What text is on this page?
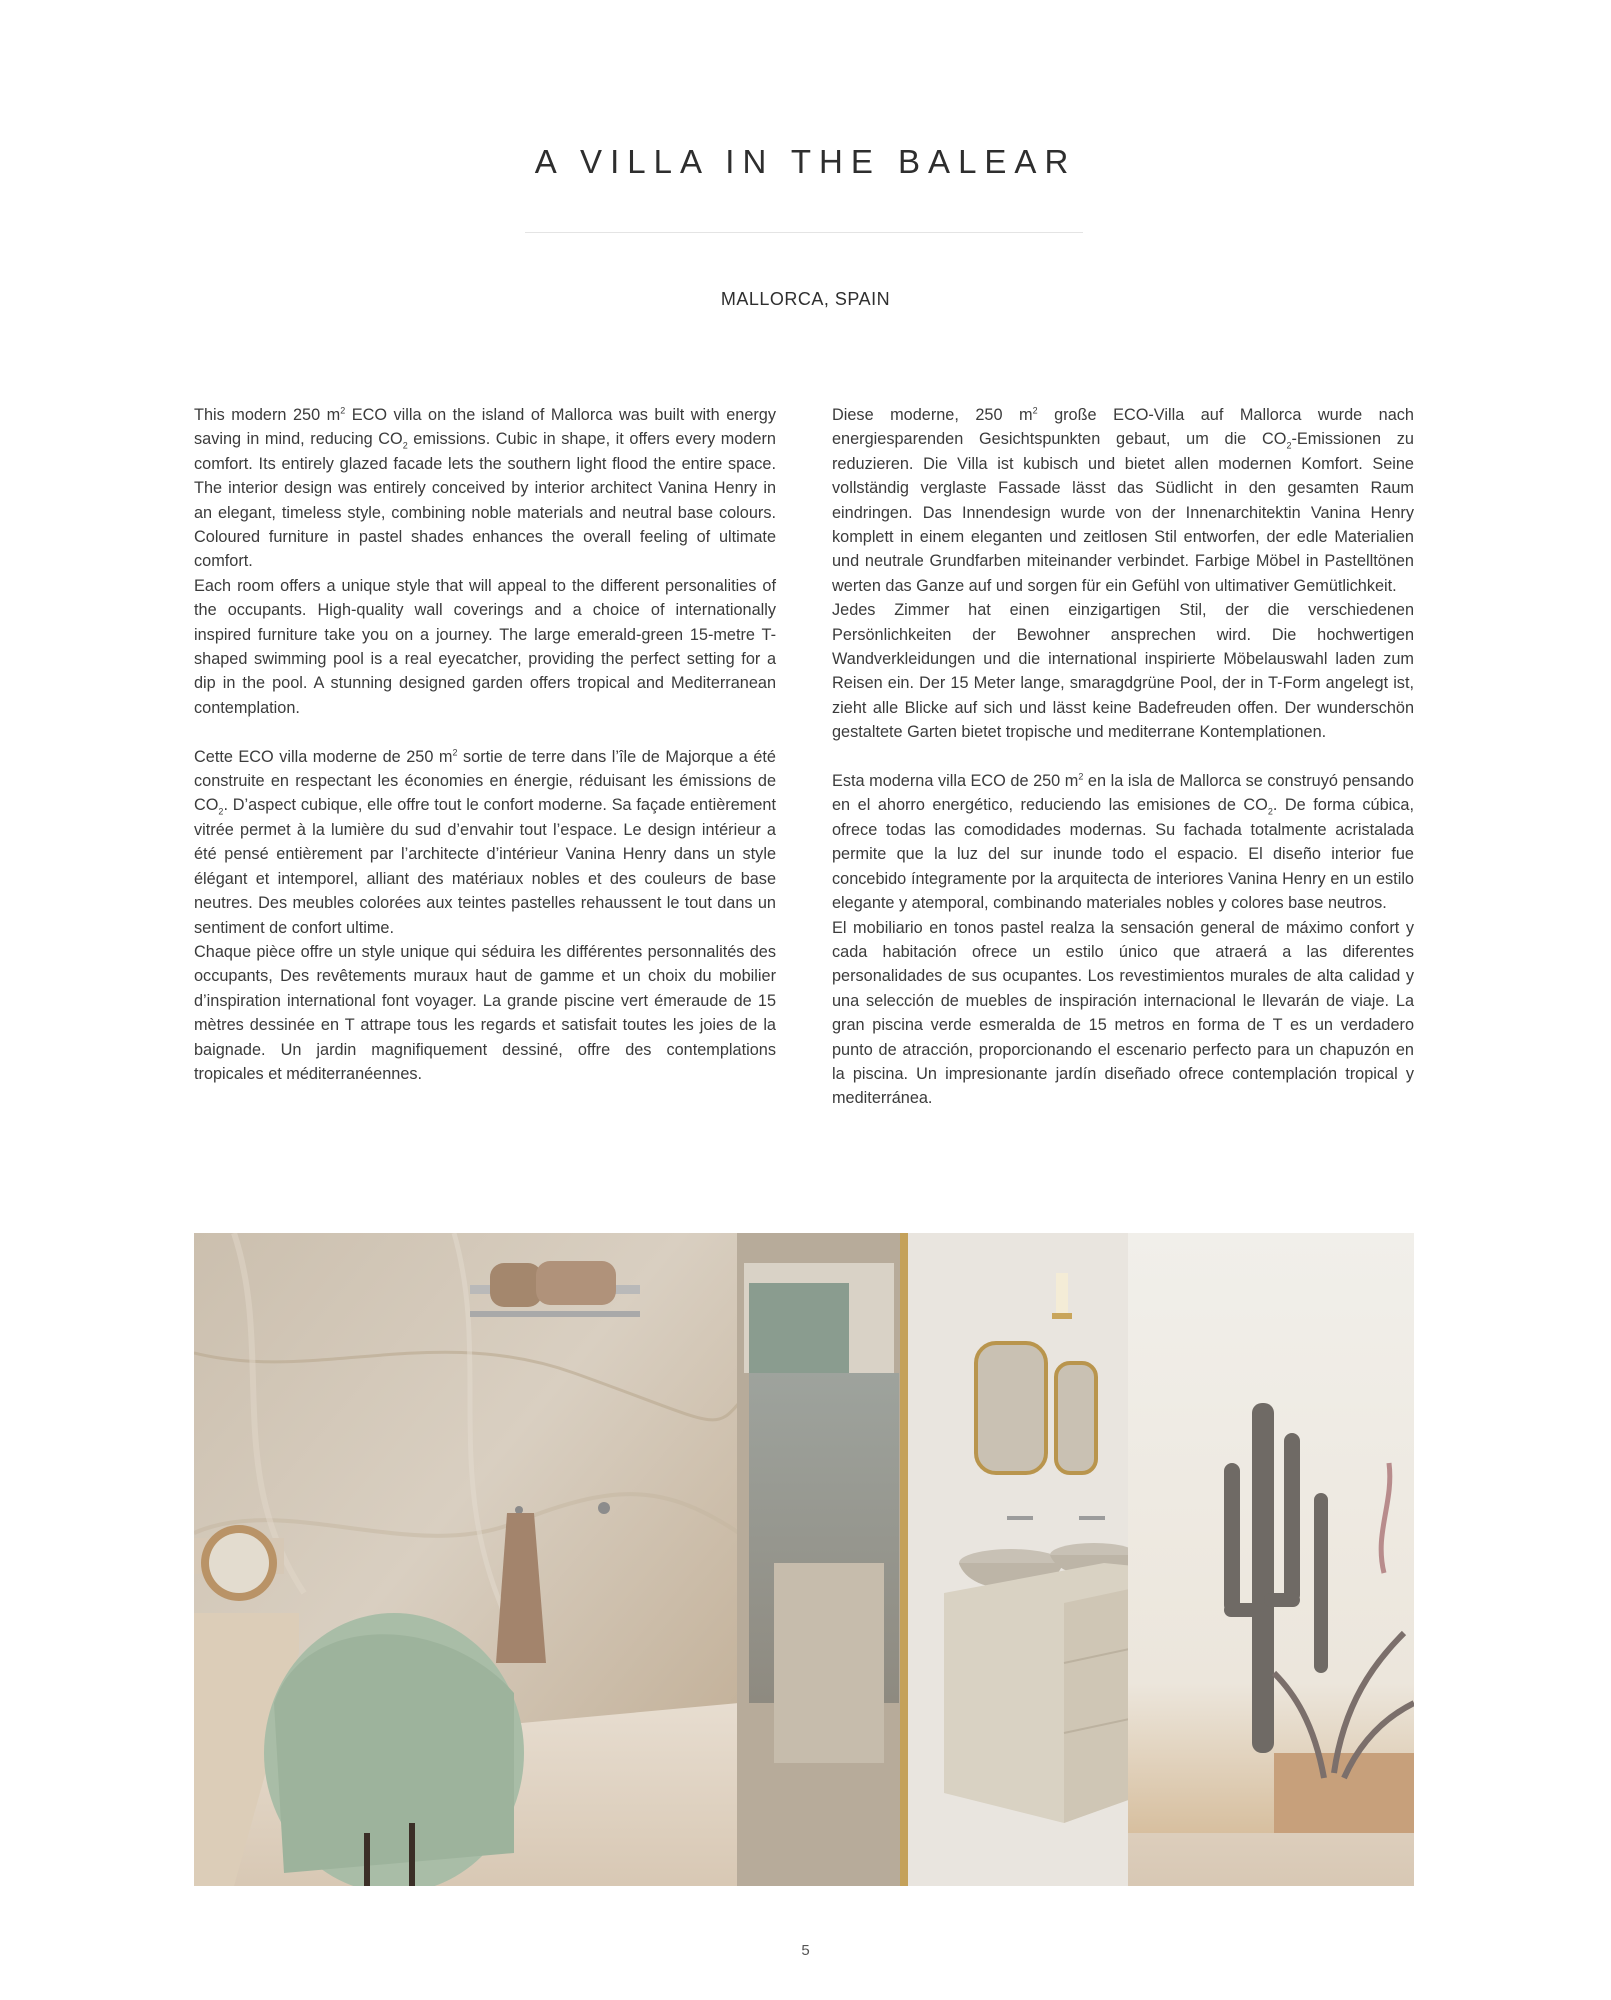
A VILLA IN THE BALEAR
MALLORCA, SPAIN

This modern 250 $m^2$ ECO villa on the island of Mallorca was built with energy saving in mind, reducing $CO_2$ emissions. Cubic in shape, it offers every modern comfort. Its entirely glazed facade lets the southern light flood the entire space. The interior design was entirely conceived by interior architect Vanina Henry in an elegant, timeless style, combining noble materials and neutral base colours. Coloured furniture in pastel shades enhances the overall feeling of ultimate comfort.

Each room offers a unique style that will appeal to the different personalities of the occupants. High-quality wall coverings and a choice of internationally inspired furniture take you on a journey. The large emerald-green 15-metre T-shaped swimming pool is a real eyecatcher, providing the perfect setting for a dip in the pool. A stunning designed garden offers tropical and Mediterranean contemplation.

Cette ECO villa moderne de 250 $m^2$ sortie de terre dans l’île de Majorque a été construite en respectant les économies en énergie, réduisant les émissions de $CO_2$. D’aspect cubique, elle offre tout le confort moderne. Sa façade entièrement vitrée permet à la lumière du sud d’envahir tout l’espace. Le design intérieur a été pensé entièrement par l’architecte d’intérieur Vanina Henry dans un style élégant et intemporel, alliant des matériaux nobles et des couleurs de base neutres. Des meubles colorées aux teintes pastelles rehaussent le tout dans un sentiment de confort ultime.

Chaque pièce offre un style unique qui séduira les différentes personnalités des occupants, Des revêtements muraux haut de gamme et un choix du mobilier d’inspiration international font voyager. La grande piscine vert émeraude de 15 mètres dessinée en T attrape tous les regards et satisfait toutes les joies de la baignade. Un jardin magnifiquement dessiné, offre des contemplations tropicales et méditerranéennes.

Diese moderne, 250 $m^2$ große ECO-Villa auf Mallorca wurde nach energiesparenden Gesichtspunkten gebaut, um die $CO_2$-Emissionen zu reduzieren. Die Villa ist kubisch und bietet allen modernen Komfort. Seine vollständig verglaste Fassade lässt das Südlicht in den gesamten Raum eindringen. Das Innendesign wurde von der Innenarchitektin Vanina Henry komplett in einem eleganten und zeitlosen Stil entworfen, der edle Materialien und neutrale Grundfarben miteinander verbindet. Farbige Möbel in Pastelltönen werten das Ganze auf und sorgen für ein Gefühl von ultimativer Gemütlichkeit.

Jedes Zimmer hat einen einzigartigen Stil, der die verschiedenen Persönlichkeiten der Bewohner ansprechen wird. Die hochwertigen Wandverkleidungen und die international inspirierte Möbelauswahl laden zum Reisen ein. Der 15 Meter lange, smaragdgrüne Pool, der in T-Form angelegt ist, zieht alle Blicke auf sich und lässt keine Badefreuden offen. Der wunderschön gestaltete Garten bietet tropische und mediterrane Kontemplationen.

Esta moderna villa ECO de 250 $m^2$ en la isla de Mallorca se construyó pensando en el ahorro energético, reduciendo las emisiones de $CO_2$. De forma cúbica, ofrece todas las comodidades modernas. Su fachada totalmente acristalada permite que la luz del sur inunde todo el espacio. El diseño interior fue concebido íntegramente por la arquitecta de interiores Vanina Henry en un estilo elegante y atemporal, combinando materiales nobles y colores base neutros.

El mobiliario en tonos pastel realza la sensación general de máximo confort y cada habitación ofrece un estilo único que atraerá a las diferentes personalidades de sus ocupantes. Los revestimientos murales de alta calidad y una selección de muebles de inspiración internacional le llevarán de viaje. La gran piscina verde esmeralda de 15 metros en forma de T es un verdadero punto de atracción, proporcionando el escenario perfecto para un chapuzón en la piscina. Un impresionante jardín diseñado ofrece contemplación tropical y mediterránea.

5
